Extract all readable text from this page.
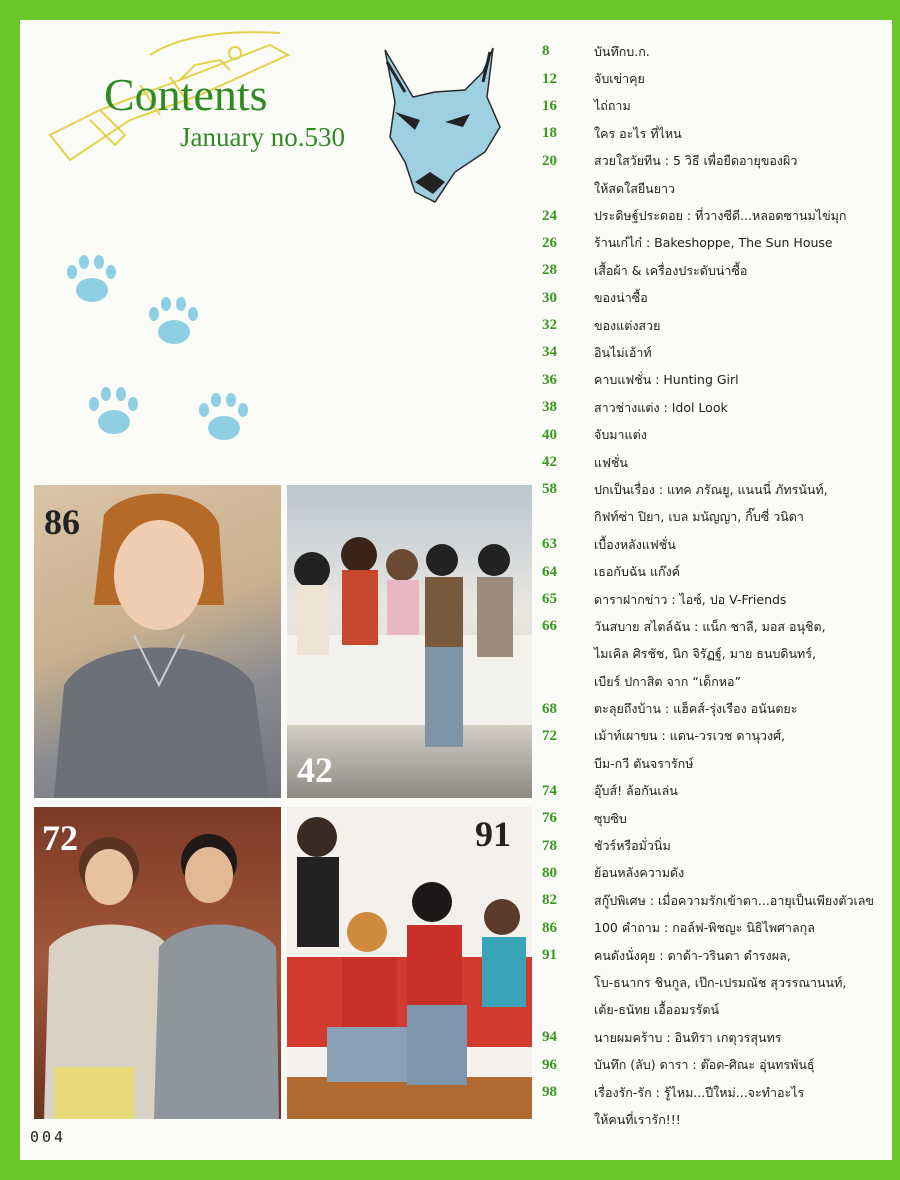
Contents
January no.530
86
42
72	91
8	บันทึกบ.ก.
12	จับเข่าคุย
16	ไถ่ถาม
18	ใคร อะไร ที่ไหน
20	สวยใสวัยทีน : 5 วิธี เพื่อยืดอายุของผิว
ให้สดใสยืนยาว
24	ประดิษฐ์ประดอย : ที่วางซีดี...หลอดซานมไข่มุก
26	ร้านเก๋ไก๋ : Bakeshoppe, The Sun House
28	เสื้อผ้า & เครื่องประดับน่าซื้อ
30	ของน่าซื้อ
32	ของแต่งสวย
34	อินไม่เอ้าท์
36	คาบแฟชั่น : Hunting Girl
38	สาวช่างแต่ง : Idol Look
40	จับมาแต่ง
42	แฟชั่น
58	ปกเป็นเรื่อง : แทค ภรัณยู, แนนนี่ ภัทรนันท์,
กิฟท์ซ่า ปิยา, เบล มนัญญา, กิ๊บซี่ วนิดา
63	เบื้องหลังแฟชั่น
64	เธอกับฉัน แก๊งค์
65	ดาราฝากข่าว : ไอซ์, ปอ V-Friends
66	วันสบาย สไตล์ฉัน : แน็ก ชาลี, มอส อนุชิต,
ไมเคิล ศิรชัช, นิก จิรัฏฐ์, มาย ธนบดินทร์,
เบียร์ ปกาสิต จาก “เด็กหอ”
68	ตะลุยถึงบ้าน : แฮ็คส์-รุ่งเรือง อนันตยะ
72	เม้าท์เผาขน : แดน-วรเวช ดานุวงศ์,
บีม-กวี ตันจรารักษ์
74	อุ๊บส์! ล้อกันเล่น
76	ซุบซิบ
78	ชัวร์หรือมั่วนิ่ม
80	ย้อนหลังความดัง
82	สกู๊ปพิเศษ : เมื่อความรักเข้าตา...อายุเป็นเพียงตัวเลข
86	100 คำถาม : กอล์ฟ-พิชญะ นิธิไพศาลกุล
91	คนดังนั่งคุย : ดาด้า-วรินดา ดำรงผล,
โบ-ธนากร ชินกูล, เป๊ก-เปรมณัช สุวรรณานนท์,
เต้ย-ธนัทย เอื้ออมรรัตน์
94	นายผมคร้าบ : อินทิรา เกตุวรสุนทร
96	บันทึก (ลับ) ดารา : ต๊อด-ศิณะ อุ่นทรพันธุ์
98	เรื่องรัก-รัก : รู้ไหม...ปีใหม่...จะทำอะไร
ให้คนที่เรารัก!!!
004
